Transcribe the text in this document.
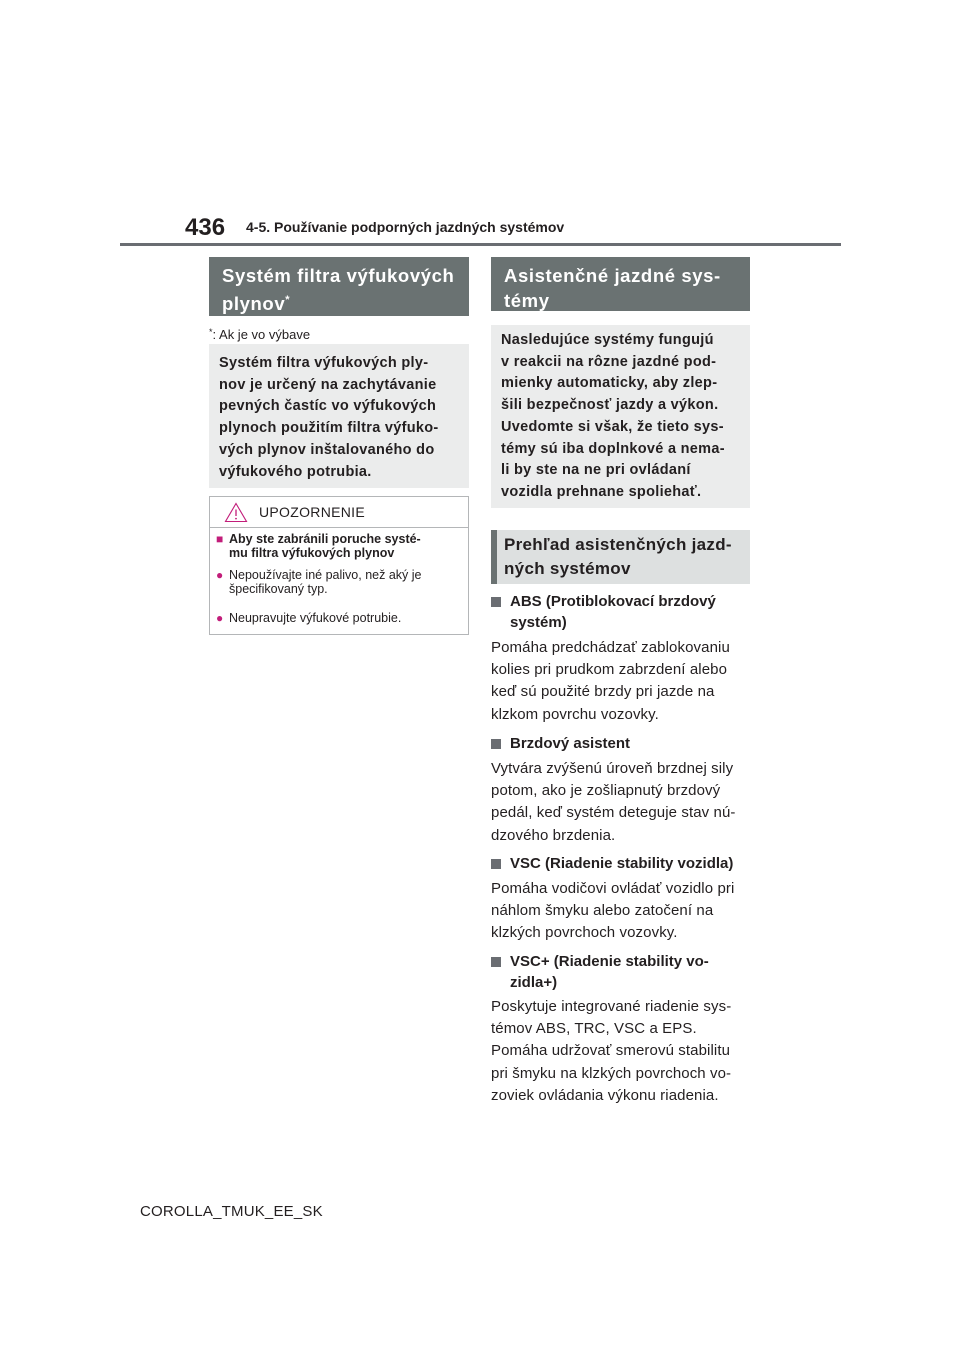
436 4-5. Používanie podporných jazdných systémov
Systém filtra výfukových plynov*
*: Ak je vo výbave
Systém filtra výfukových ply-
nov je určený na zachytávanie
pevných častíc vo výfukových
plynoch použitím filtra výfuko-
vých plynov inštalovaného do
výfukového potrubia.
UPOZORNENIE
■ Aby ste zabránili poruche systé-
mu filtra výfukových plynov
● Nepoužívajte iné palivo, než aký je
špecifikovaný typ.
● Neupravujte výfukové potrubie.
Asistenčné jazdné sys-
témy
Nasledujúce systémy fungujú
v reakcii na rôzne jazdné pod-
mienky automaticky, aby zlep-
šili bezpečnosť jazdy a výkon.
Uvedomte si však, že tieto sys-
témy sú iba doplnkové a nema-
li by ste na ne pri ovládaní
vozidla prehnane spoliehať.
Prehľad asistenčných jazd-
ných systémov
ABS (Protiblokovací brzdový
systém)
Pomáha predchádzať zablokovaniu
kolies pri prudkom zabrzdení alebo
keď sú použité brzdy pri jazde na
klzkom povrchu vozovky.
Brzdový asistent
Vytvára zvýšenú úroveň brzdnej sily
potom, ako je zošliapnutý brzdový
pedál, keď systém deteguje stav nú-
dzového brzdenia.
VSC (Riadenie stability vozidla)
Pomáha vodičovi ovládať vozidlo pri
náhlom šmyku alebo zatočení na
klzkých povrchoch vozovky.
VSC+ (Riadenie stability vo-
zidla+)
Poskytuje integrované riadenie sys-
témov ABS, TRC, VSC a EPS.
Pomáha udržovať smerovú stabilitu
pri šmyku na klzkých povrchoch vo-
zoviek ovládania výkonu riadenia.
COROLLA_TMUK_EE_SK
